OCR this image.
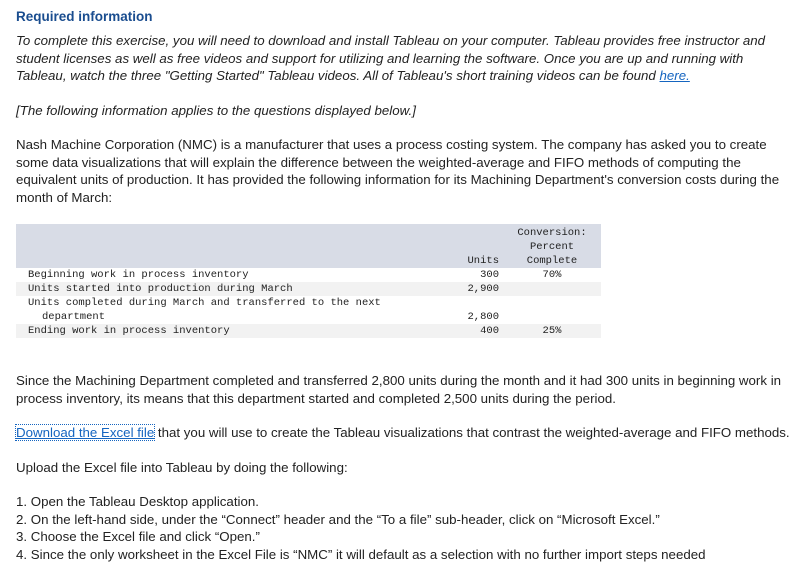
Required information

To complete this exercise, you will need to download and install Tableau on your computer. Tableau provides free instructor and student licenses as well as free videos and support for utilizing and learning the software. Once you are up and running with Tableau, watch the three "Getting Started" Tableau videos. All of Tableau's short training videos can be found here.

[The following information applies to the questions displayed below.]

Nash Machine Corporation (NMC) is a manufacturer that uses a process costing system. The company has asked you to create some data visualizations that will explain the difference between the weighted-average and FIFO methods of computing the equivalent units of production. It has provided the following information for its Machining Department's conversion costs during the month of March:

		Conversion:
		Percent
	Units	Complete
Beginning work in process inventory	300	70%
Units started into production during March	2,900	
Units completed during March and transferred to the next		
department	2,800	
Ending work in process inventory	400	25%

Since the Machining Department completed and transferred 2,800 units during the month and it had 300 units in beginning work in process inventory, its means that this department started and completed 2,500 units during the period.

Download the Excel file that you will use to create the Tableau visualizations that contrast the weighted-average and FIFO methods.

Upload the Excel file into Tableau by doing the following:

1. Open the Tableau Desktop application.
2. On the left-hand side, under the “Connect” header and the “To a file” sub-header, click on “Microsoft Excel.”
3. Choose the Excel file and click “Open.”
4. Since the only worksheet in the Excel File is “NMC” it will default as a selection with no further import steps needed
